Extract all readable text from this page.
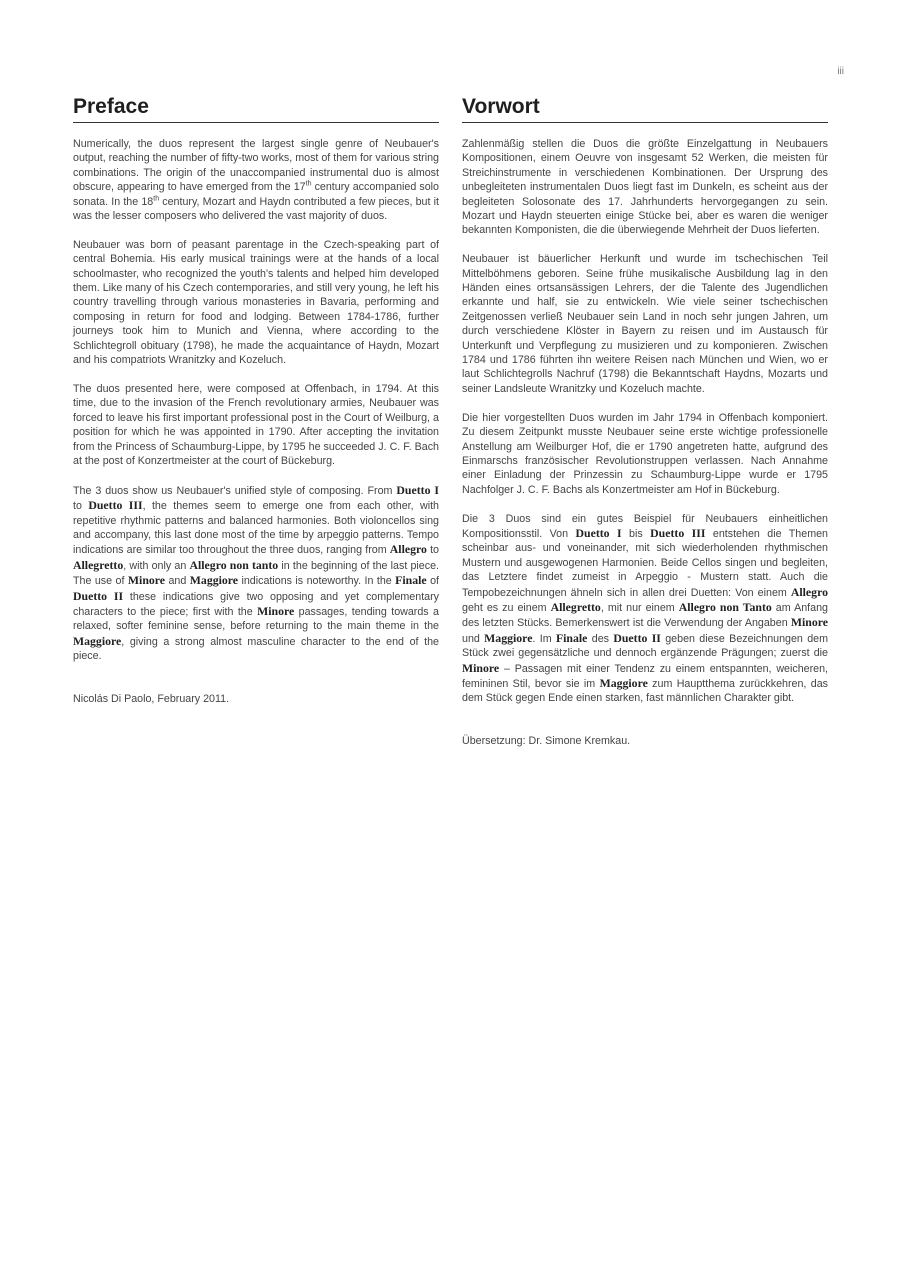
iii
Preface

Numerically, the duos represent the largest single genre of Neubauer's output, reaching the number of fifty-two works, most of them for various string combinations. The origin of the unaccompanied instrumental duo is almost obscure, appearing to have emerged from the 17th century accompanied solo sonata. In the 18th century, Mozart and Haydn contributed a few pieces, but it was the lesser composers who delivered the vast majority of duos.

Neubauer was born of peasant parentage in the Czech-speaking part of central Bohemia. His early musical trainings were at the hands of a local schoolmaster, who recognized the youth's talents and helped him developed them. Like many of his Czech contemporaries, and still very young, he left his country travelling through various monasteries in Bavaria, performing and composing in return for food and lodging. Between 1784-1786, further journeys took him to Munich and Vienna, where according to the Schlichtegroll obituary (1798), he made the acquaintance of Haydn, Mozart and his compatriots Wranitzky and Kozeluch.

The duos presented here, were composed at Offenbach, in 1794. At this time, due to the invasion of the French revolutionary armies, Neubauer was forced to leave his first important professional post in the Court of Weilburg, a position for which he was appointed in 1790. After accepting the invitation from the Princess of Schaumburg-Lippe, by 1795 he succeeded J. C. F. Bach at the post of Konzertmeister at the court of Bückeburg.

The 3 duos show us Neubauer's unified style of composing. From Duetto I to Duetto III, the themes seem to emerge one from each other, with repetitive rhythmic patterns and balanced harmonies. Both violoncellos sing and accompany, this last done most of the time by arpeggio patterns. Tempo indications are similar too throughout the three duos, ranging from Allegro to Allegretto, with only an Allegro non tanto in the beginning of the last piece. The use of Minore and Maggiore indications is noteworthy. In the Finale of Duetto II these indications give two opposing and yet complementary characters to the piece; first with the Minore passages, tending towards a relaxed, softer feminine sense, before returning to the main theme in the Maggiore, giving a strong almost masculine character to the end of the piece.

Nicolás Di Paolo, February 2011.

Vorwort

Zahlenmäßig stellen die Duos die größte Einzelgattung in Neubauers Kompositionen, einem Oeuvre von insgesamt 52 Werken, die meisten für Streichinstrumente in verschiedenen Kombinationen. Der Ursprung des unbegleiteten instrumentalen Duos liegt fast im Dunkeln, es scheint aus der begleiteten Solosonate des 17. Jahrhunderts hervorgegangen zu sein. Mozart und Haydn steuerten einige Stücke bei, aber es waren die weniger bekannten Komponisten, die die überwiegende Mehrheit der Duos lieferten.

Neubauer ist bäuerlicher Herkunft und wurde im tschechischen Teil Mittelböhmens geboren. Seine frühe musikalische Ausbildung lag in den Händen eines ortsansässigen Lehrers, der die Talente des Jugendlichen erkannte und half, sie zu entwickeln. Wie viele seiner tschechischen Zeitgenossen verließ Neubauer sein Land in noch sehr jungen Jahren, um durch verschiedene Klöster in Bayern zu reisen und im Austausch für Unterkunft und Verpflegung zu musizieren und zu komponieren. Zwischen 1784 und 1786 führten ihn weitere Reisen nach München und Wien, wo er laut Schlichtegrolls Nachruf (1798) die Bekanntschaft Haydns, Mozarts und seiner Landsleute Wranitzky und Kozeluch machte.

Die hier vorgestellten Duos wurden im Jahr 1794 in Offenbach komponiert. Zu diesem Zeitpunkt musste Neubauer seine erste wichtige professionelle Anstellung am Weilburger Hof, die er 1790 angetreten hatte, aufgrund des Einmarschs französischer Revolutionstruppen verlassen. Nach Annahme einer Einladung der Prinzessin zu Schaumburg-Lippe wurde er 1795 Nachfolger J. C. F. Bachs als Konzertmeister am Hof in Bückeburg.

Die 3 Duos sind ein gutes Beispiel für Neubauers einheitlichen Kompositionsstil. Von Duetto I bis Duetto III entstehen die Themen scheinbar aus- und voneinander, mit sich wiederholenden rhythmischen Mustern und ausgewogenen Harmonien. Beide Cellos singen und begleiten, das Letztere findet zumeist in Arpeggio - Mustern statt. Auch die Tempobezeichnungen ähneln sich in allen drei Duetten: Von einem Allegro geht es zu einem Allegretto, mit nur einem Allegro non Tanto am Anfang des letzten Stücks. Bemerkenswert ist die Verwendung der Angaben Minore und Maggiore. Im Finale des Duetto II geben diese Bezeichnungen dem Stück zwei gegensätzliche und dennoch ergänzende Prägungen; zuerst die Minore – Passagen mit einer Tendenz zu einem entspannten, weicheren, femininen Stil, bevor sie im Maggiore zum Hauptthema zurückkehren, das dem Stück gegen Ende einen starken, fast männlichen Charakter gibt.

Übersetzung: Dr. Simone Kremkau.
